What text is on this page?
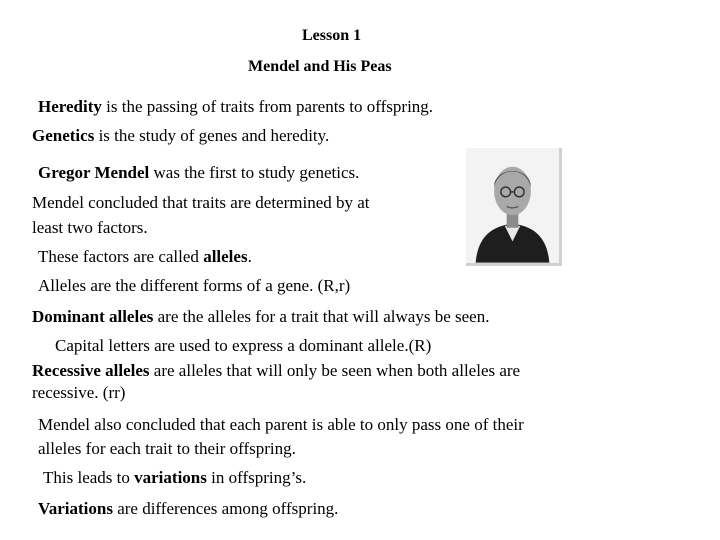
Lesson 1
Mendel and His Peas
Heredity is the passing of traits from parents to offspring.
Genetics is the study of genes and heredity.
Gregor Mendel was the first to study genetics.
Mendel concluded that traits are determined by at
least two factors.
These factors are called alleles.
Alleles are the different forms of a gene. (R,r)
Dominant alleles are the alleles for a trait that will always be seen.
Capital letters are used to express a dominant allele.(R)
Recessive alleles are alleles that will only be seen when both alleles are
recessive. (rr)
Mendel also concluded that each parent is able to only pass one of their
alleles for each trait to their offspring.
This leads to variations in offspring’s.
Variations are differences among offspring.
